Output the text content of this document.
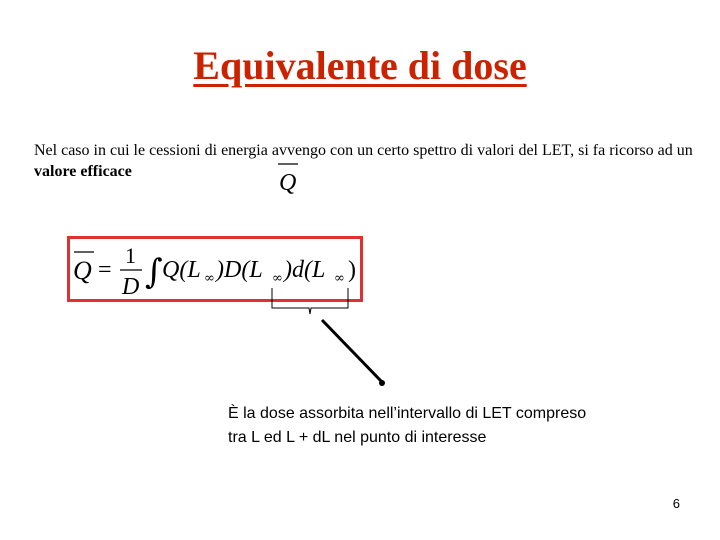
Equivalente di dose
Nel caso in cui le cessioni di energia avvengo con un certo spettro di valori del LET, si fa ricorso ad un valore efficace	Q
Q =
1
D ∫ Q(L ∞ )D(L ∞ )d(L ∞ )
È la dose assorbita nell’intervallo di LET compreso
tra L ed L + dL nel punto di interesse
6
